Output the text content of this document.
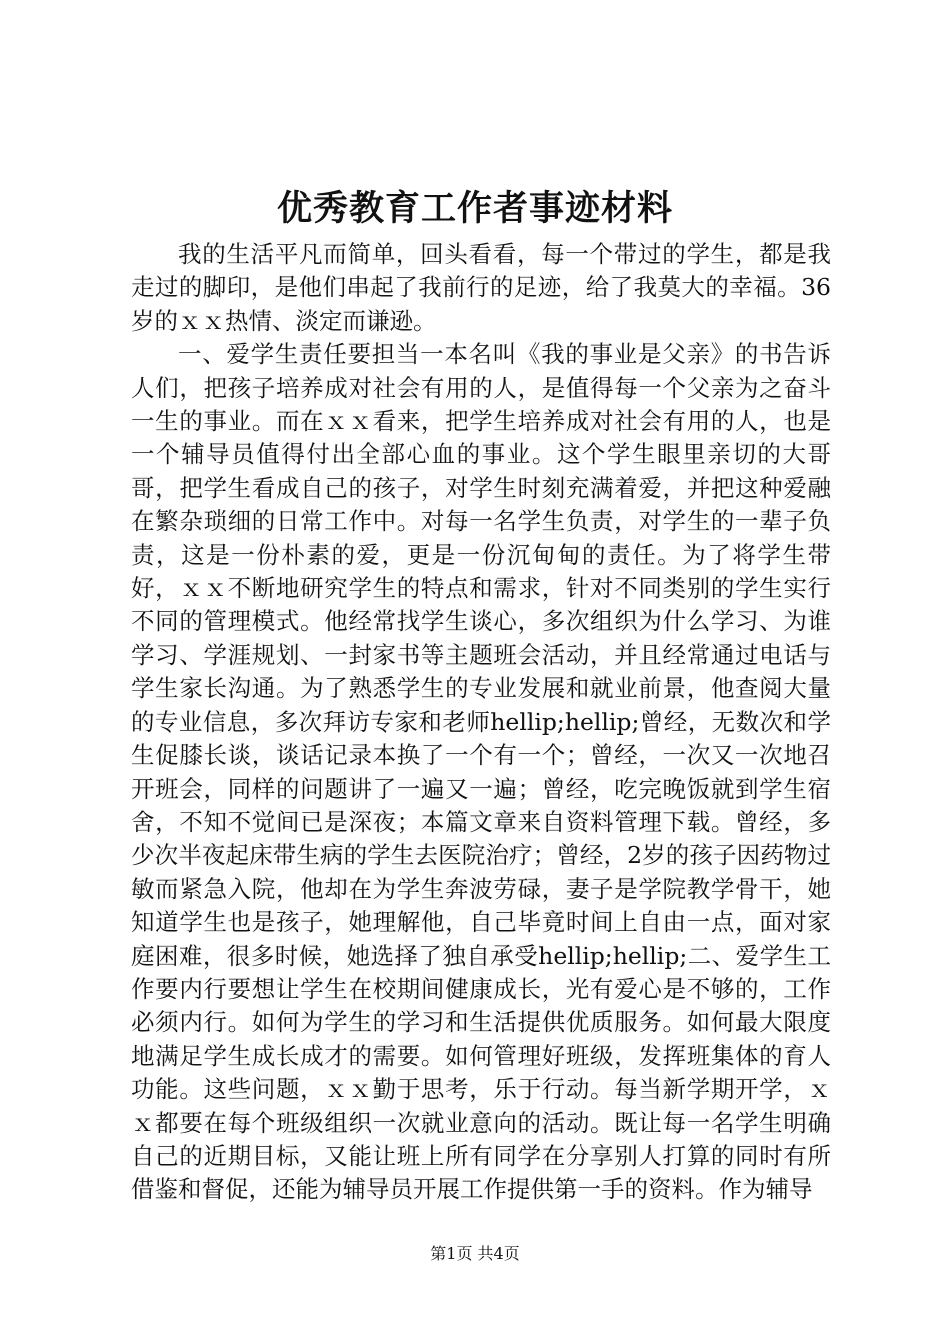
优秀教育工作者事迹材料

我的生活平凡而简单，回头看看，每一个带过的学生，都是我走过的脚印，是他们串起了我前行的足迹，给了我莫大的幸福。36岁的ｘｘ热情、淡定而谦逊。

一、爱学生责任要担当一本名叫《我的事业是父亲》的书告诉人们，把孩子培养成对社会有用的人，是值得每一个父亲为之奋斗一生的事业。而在ｘｘ看来，把学生培养成对社会有用的人，也是一个辅导员值得付出全部心血的事业。这个学生眼里亲切的大哥哥，把学生看成自己的孩子，对学生时刻充满着爱，并把这种爱融在繁杂琐细的日常工作中。对每一名学生负责，对学生的一辈子负责，这是一份朴素的爱，更是一份沉甸甸的责任。为了将学生带好，ｘｘ不断地研究学生的特点和需求，针对不同类别的学生实行不同的管理模式。他经常找学生谈心，多次组织为什么学习、为谁学习、学涯规划、一封家书等主题班会活动，并且经常通过电话与学生家长沟通。为了熟悉学生的专业发展和就业前景，他查阅大量的专业信息，多次拜访专家和老师hellip;hellip;曾经，无数次和学生促膝长谈，谈话记录本换了一个有一个；曾经，一次又一次地召开班会，同样的问题讲了一遍又一遍；曾经，吃完晚饭就到学生宿舍，不知不觉间已是深夜；本篇文章来自资料管理下载。曾经，多少次半夜起床带生病的学生去医院治疗；曾经，2岁的孩子因药物过敏而紧急入院，他却在为学生奔波劳碌，妻子是学院教学骨干，她知道学生也是孩子，她理解他，自己毕竟时间上自由一点，面对家庭困难，很多时候，她选择了独自承受hellip;hellip;二、爱学生工作要内行要想让学生在校期间健康成长，光有爱心是不够的，工作必须内行。如何为学生的学习和生活提供优质服务。如何最大限度地满足学生成长成才的需要。如何管理好班级，发挥班集体的育人功能。这些问题，ｘｘ勤于思考，乐于行动。每当新学期开学，ｘｘ都要在每个班级组织一次就业意向的活动。既让每一名学生明确自己的近期目标，又能让班上所有同学在分享别人打算的同时有所借鉴和督促，还能为辅导员开展工作提供第一手的资料。作为辅导

第1页 共4页
